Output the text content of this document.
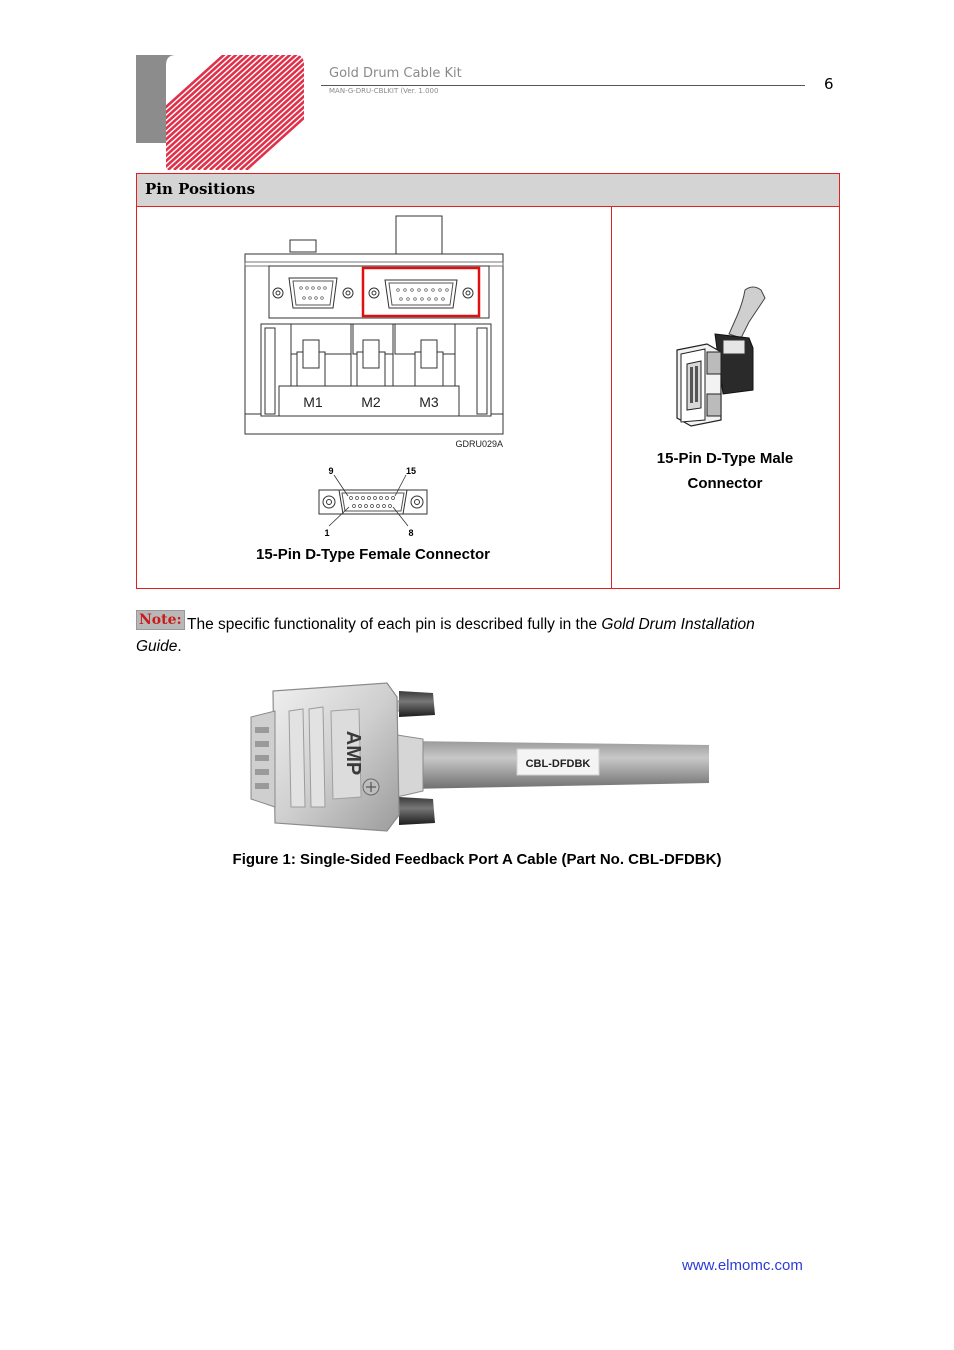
Gold Drum Cable Kit
MAN-G-DRU-CBLKIT (Ver. 1.000	6
Pin Positions
M1	M2	M3
GDRU029A
9	15
1	8
15-Pin D-Type Female Connector
15-Pin D-Type Male Connector
Note: The specific functionality of each pin is described fully in the Gold Drum Installation
Guide.
CBL-DFDBK
AMP
Figure 1: Single-Sided Feedback Port A Cable (Part No. CBL-DFDBK)
www.elmomc.com
